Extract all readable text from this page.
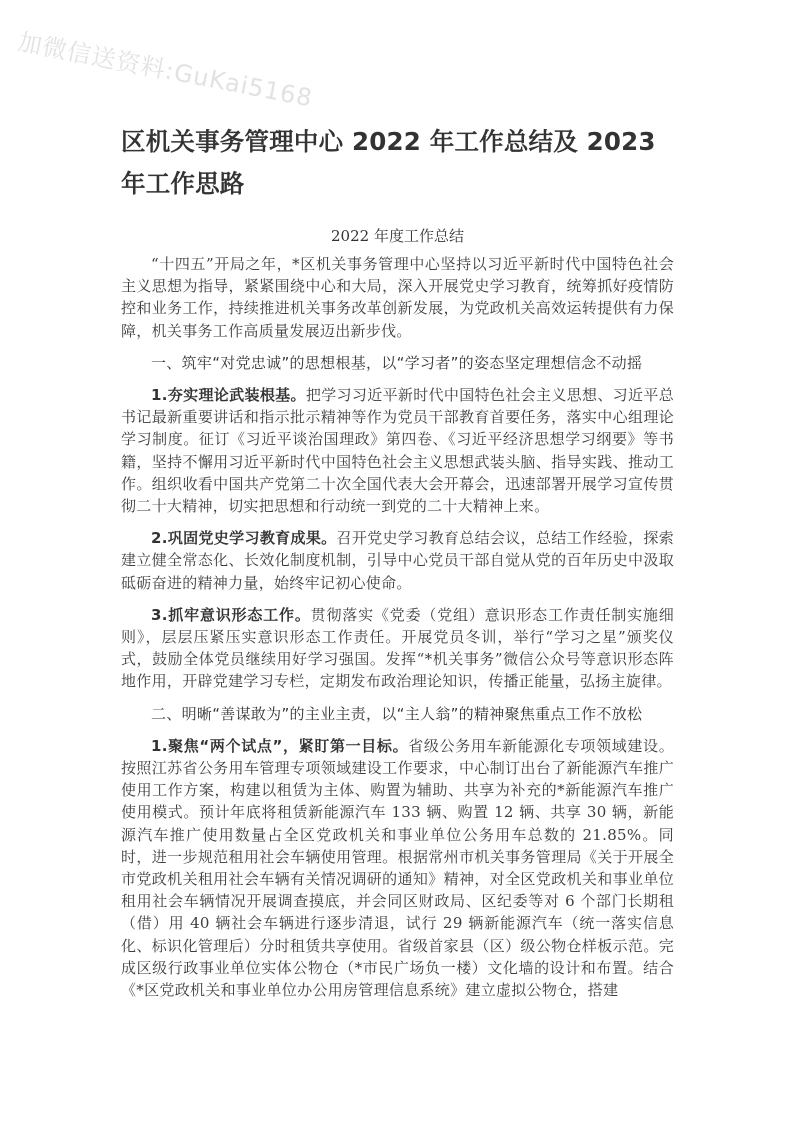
加微信送资料:GuKai5168
区机关事务管理中心 2022 年工作总结及 2023 年工作思路
2022 年度工作总结

“十四五”开局之年，*区机关事务管理中心坚持以习近平新时代中国特色社会主义思想为指导，紧紧围绕中心和大局，深入开展党史学习教育，统筹抓好疫情防控和业务工作，持续推进机关事务改革创新发展，为党政机关高效运转提供有力保障，机关事务工作高质量发展迈出新步伐。

一、筑牢“对党忠诚”的思想根基，以“学习者”的姿态坚定理想信念不动摇

1.夯实理论武装根基。把学习习近平新时代中国特色社会主义思想、习近平总书记最新重要讲话和指示批示精神等作为党员干部教育首要任务，落实中心组理论学习制度。征订《习近平谈治国理政》第四卷、《习近平经济思想学习纲要》等书籍，坚持不懈用习近平新时代中国特色社会主义思想武装头脑、指导实践、推动工作。组织收看中国共产党第二十次全国代表大会开幕会，迅速部署开展学习宣传贯彻二十大精神，切实把思想和行动统一到党的二十大精神上来。

2.巩固党史学习教育成果。召开党史学习教育总结会议，总结工作经验，探索建立健全常态化、长效化制度机制，引导中心党员干部自觉从党的百年历史中汲取砥砺奋进的精神力量，始终牢记初心使命。

3.抓牢意识形态工作。贯彻落实《党委（党组）意识形态工作责任制实施细则》，层层压紧压实意识形态工作责任。开展党员冬训，举行“学习之星”颁奖仪式，鼓励全体党员继续用好学习强国。发挥“*机关事务”微信公众号等意识形态阵地作用，开辟党建学习专栏，定期发布政治理论知识，传播正能量，弘扬主旋律。

二、明晰“善谋敢为”的主业主责，以“主人翁”的精神聚焦重点工作不放松

1.聚焦“两个试点”，紧盯第一目标。省级公务用车新能源化专项领域建设。按照江苏省公务用车管理专项领域建设工作要求，中心制订出台了新能源汽车推广使用工作方案，构建以租赁为主体、购置为辅助、共享为补充的*新能源汽车推广使用模式。预计年底将租赁新能源汽车 133 辆、购置 12 辆、共享 30 辆，新能源汽车推广使用数量占全区党政机关和事业单位公务用车总数的 21.85%。同时，进一步规范租用社会车辆使用管理。根据常州市机关事务管理局《关于开展全市党政机关租用社会车辆有关情况调研的通知》精神，对全区党政机关和事业单位租用社会车辆情况开展调查摸底，并会同区财政局、区纪委等对 6 个部门长期租（借）用 40 辆社会车辆进行逐步清退，试行 29 辆新能源汽车（统一落实信息化、标识化管理后）分时租赁共享使用。省级首家县（区）级公物仓样板示范。完成区级行政事业单位实体公物仓（*市民广场负一楼）文化墙的设计和布置。结合《*区党政机关和事业单位办公用房管理信息系统》建立虚拟公物仓，搭建
